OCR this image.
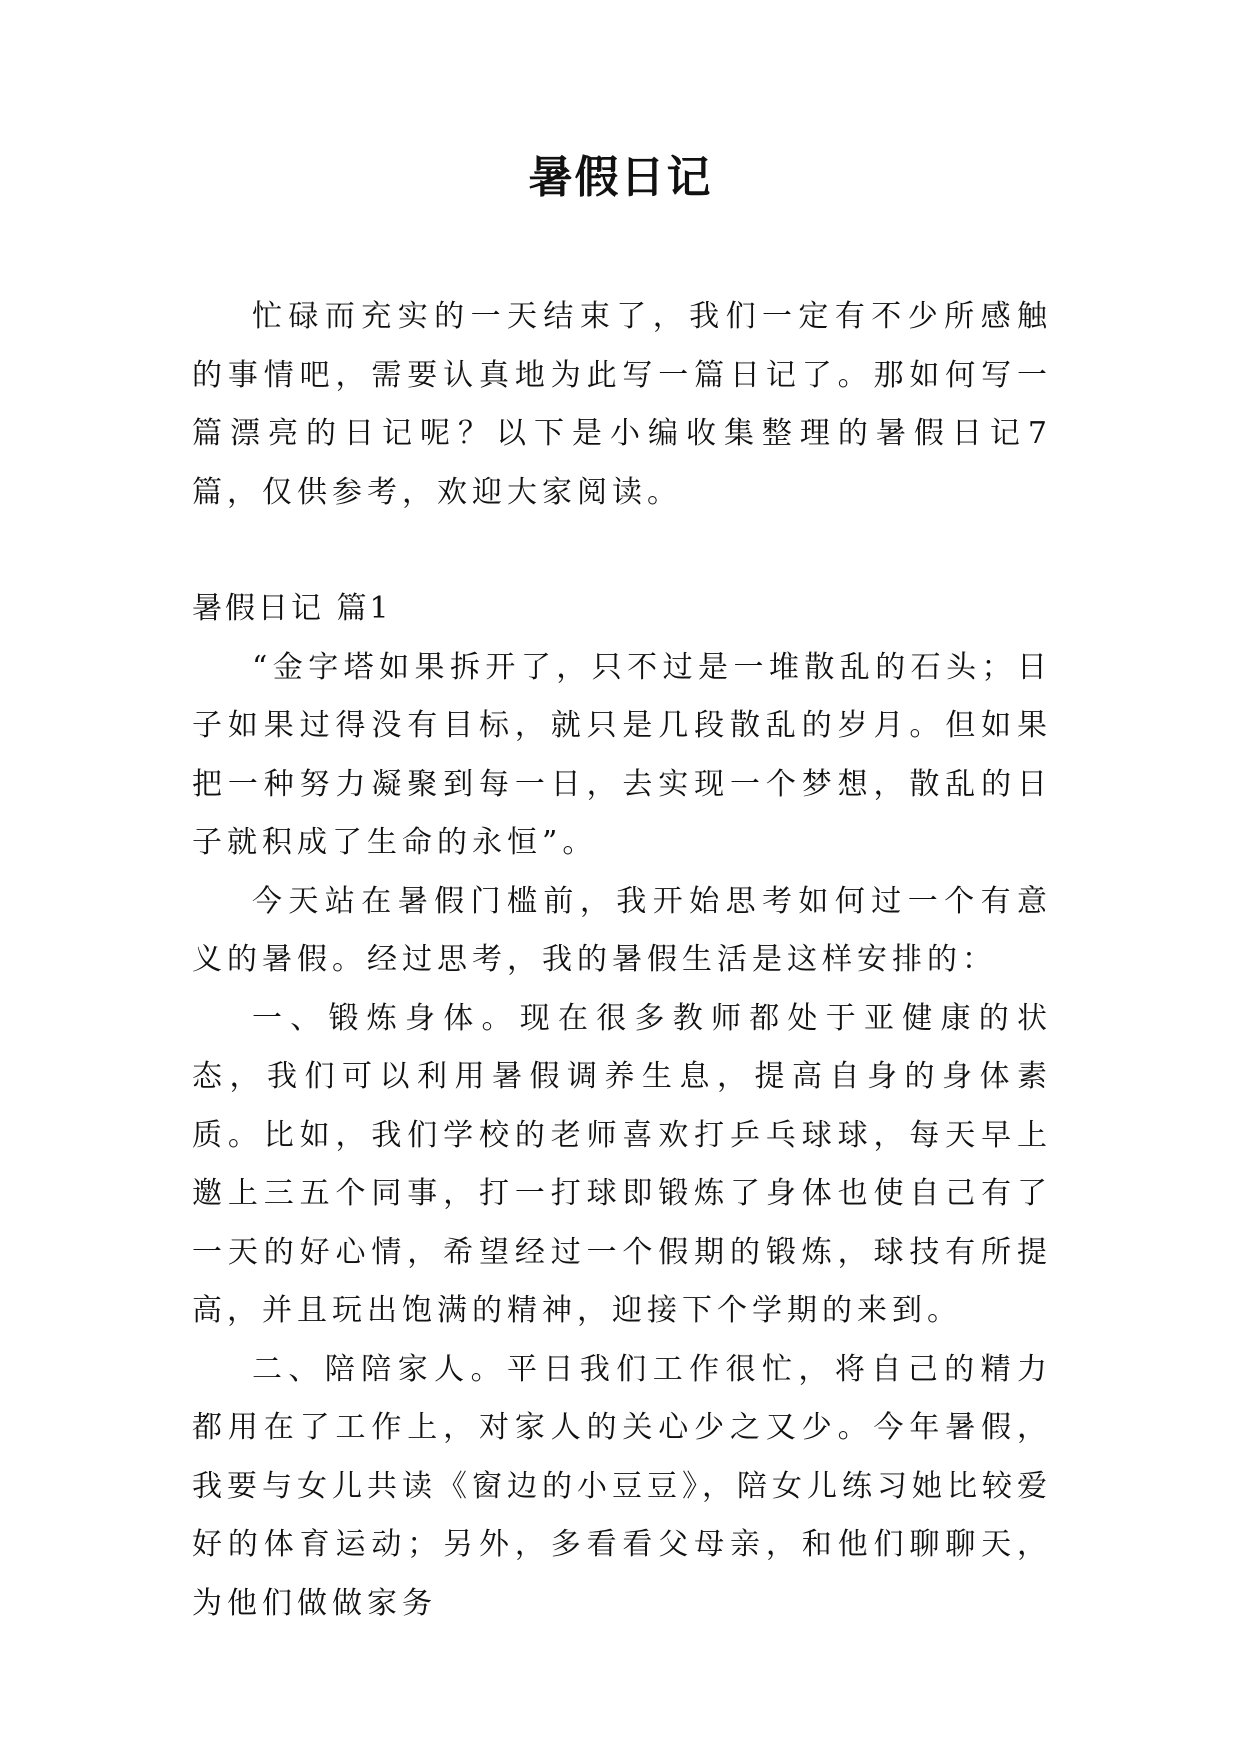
暑假日记

忙碌而充实的一天结束了，我们一定有不少所感触的事情吧，需要认真地为此写一篇日记了。那如何写一篇漂亮的日记呢？以下是小编收集整理的暑假日记7篇，仅供参考，欢迎大家阅读。

暑假日记 篇1

“金字塔如果拆开了，只不过是一堆散乱的石头；日子如果过得没有目标，就只是几段散乱的岁月。但如果把一种努力凝聚到每一日，去实现一个梦想，散乱的日子就积成了生命的永恒”。

今天站在暑假门槛前，我开始思考如何过一个有意义的暑假。经过思考，我的暑假生活是这样安排的：

一、锻炼身体。现在很多教师都处于亚健康的状态，我们可以利用暑假调养生息，提高自身的身体素质。比如，我们学校的老师喜欢打乒乓球球，每天早上邀上三五个同事，打一打球即锻炼了身体也使自己有了一天的好心情，希望经过一个假期的锻炼，球技有所提高，并且玩出饱满的精神，迎接下个学期的来到。

二、陪陪家人。平日我们工作很忙，将自己的精力都用在了工作上，对家人的关心少之又少。今年暑假，我要与女儿共读《窗边的小豆豆》，陪女儿练习她比较爱好的体育运动；另外，多看看父母亲，和他们聊聊天，为他们做做家务
